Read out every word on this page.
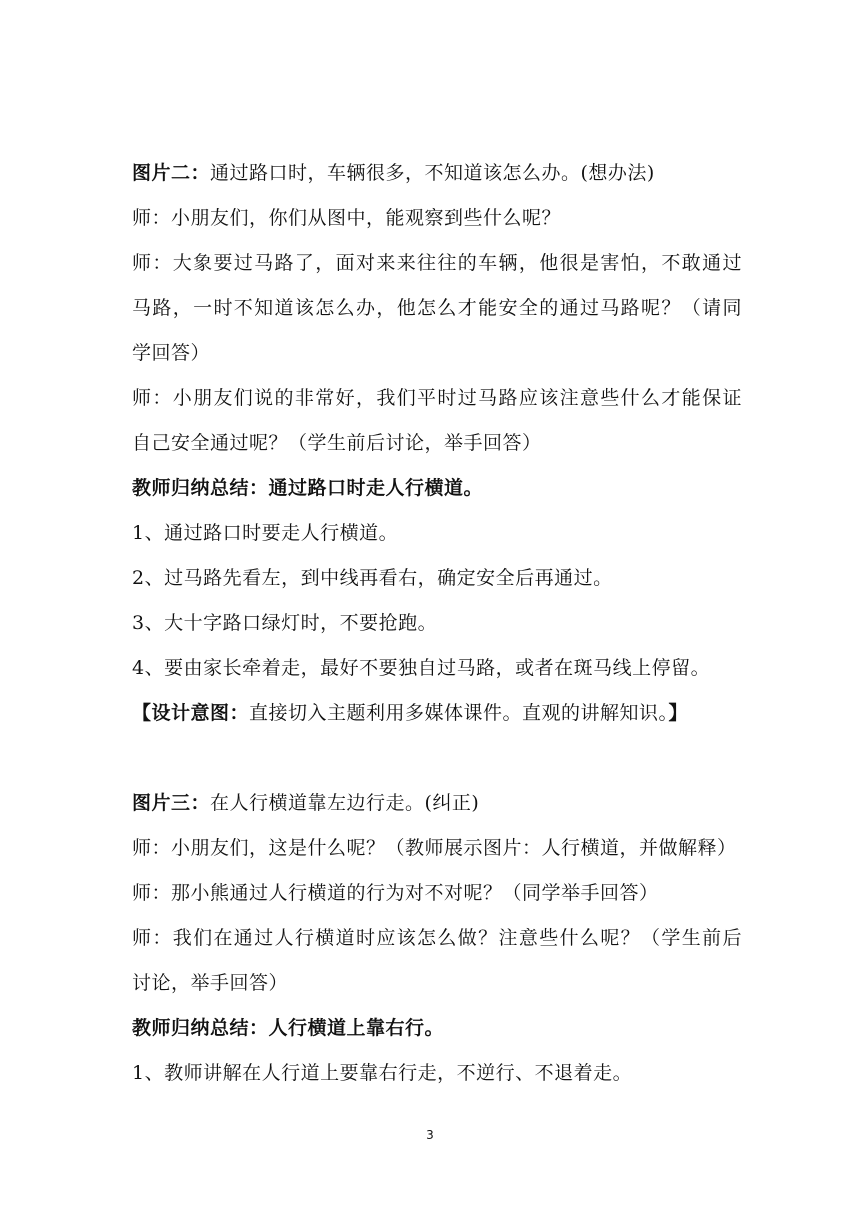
图片二：通过路口时，车辆很多，不知道该怎么办。(想办法)
师：小朋友们，你们从图中，能观察到些什么呢？
师：大象要过马路了，面对来来往往的车辆，他很是害怕，不敢通过
马路，一时不知道该怎么办，他怎么才能安全的通过马路呢？（请同
学回答）
师：小朋友们说的非常好，我们平时过马路应该注意些什么才能保证
自己安全通过呢？（学生前后讨论，举手回答）
教师归纳总结：通过路口时走人行横道。
1、通过路口时要走人行横道。
2、过马路先看左，到中线再看右，确定安全后再通过。
3、大十字路口绿灯时，不要抢跑。
4、要由家长牵着走，最好不要独自过马路，或者在斑马线上停留。
【设计意图：直接切入主题利用多媒体课件。直观的讲解知识。】
图片三：在人行横道靠左边行走。(纠正)
师：小朋友们，这是什么呢？（教师展示图片：人行横道，并做解释）
师：那小熊通过人行横道的行为对不对呢？（同学举手回答）
师：我们在通过人行横道时应该怎么做？注意些什么呢？（学生前后
讨论，举手回答）
教师归纳总结：人行横道上靠右行。
1、教师讲解在人行道上要靠右行走，不逆行、不退着走。
3
